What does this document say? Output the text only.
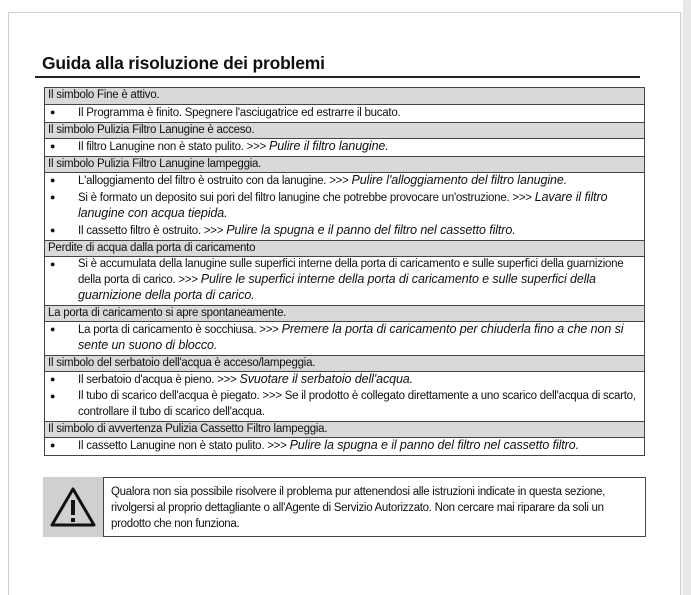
Guida alla risoluzione dei problemi
Il simbolo Fine è attivo.
●	Il Programma è finito. Spegnere l'asciugatrice ed estrarre il bucato.
Il simbolo Pulizia Filtro Lanugine è acceso.
●	Il filtro Lanugine non è stato pulito. >>> Pulire il filtro lanugine.
Il simbolo Pulizia Filtro Lanugine lampeggia.
●	L'alloggiamento del filtro è ostruito con da lanugine. >>> Pulire l'alloggiamento del filtro lanugine.
●	Si è formato un deposito sui pori del filtro lanugine che potrebbe provocare un'ostruzione. >>> Lavare il filtro lanugine con acqua tiepida.
●	Il cassetto filtro è ostruito. >>> Pulire la spugna e il panno del filtro nel cassetto filtro.
Perdite di acqua dalla porta di caricamento
●	Si è accumulata della lanugine sulle superfici interne della porta di caricamento e sulle superfici della guarnizione della porta di carico. >>> Pulire le superfici interne della porta di caricamento e sulle superfici della guarnizione della porta di carico.
La porta di caricamento si apre spontaneamente.
●	La porta di caricamento è socchiusa. >>> Premere la porta di caricamento per chiuderla fino a che non si sente un suono di blocco.
Il simbolo del serbatoio dell'acqua è acceso/lampeggia.
●	Il serbatoio d'acqua è pieno. >>> Svuotare il serbatoio dell'acqua.
●	Il tubo di scarico dell'acqua è piegato. >>> Se il prodotto è collegato direttamente a uno scarico dell'acqua di scarto, controllare il tubo di scarico dell'acqua.
Il simbolo di avvertenza Pulizia Cassetto Filtro lampeggia.
●	Il cassetto Lanugine non è stato pulito. >>> Pulire la spugna e il panno del filtro nel cassetto filtro.
Qualora non sia possibile risolvere il problema pur attenendosi alle istruzioni indicate in questa sezione, rivolgersi al proprio dettagliante o all'Agente di Servizio Autorizzato. Non cercare mai riparare da soli un prodotto che non funziona.
